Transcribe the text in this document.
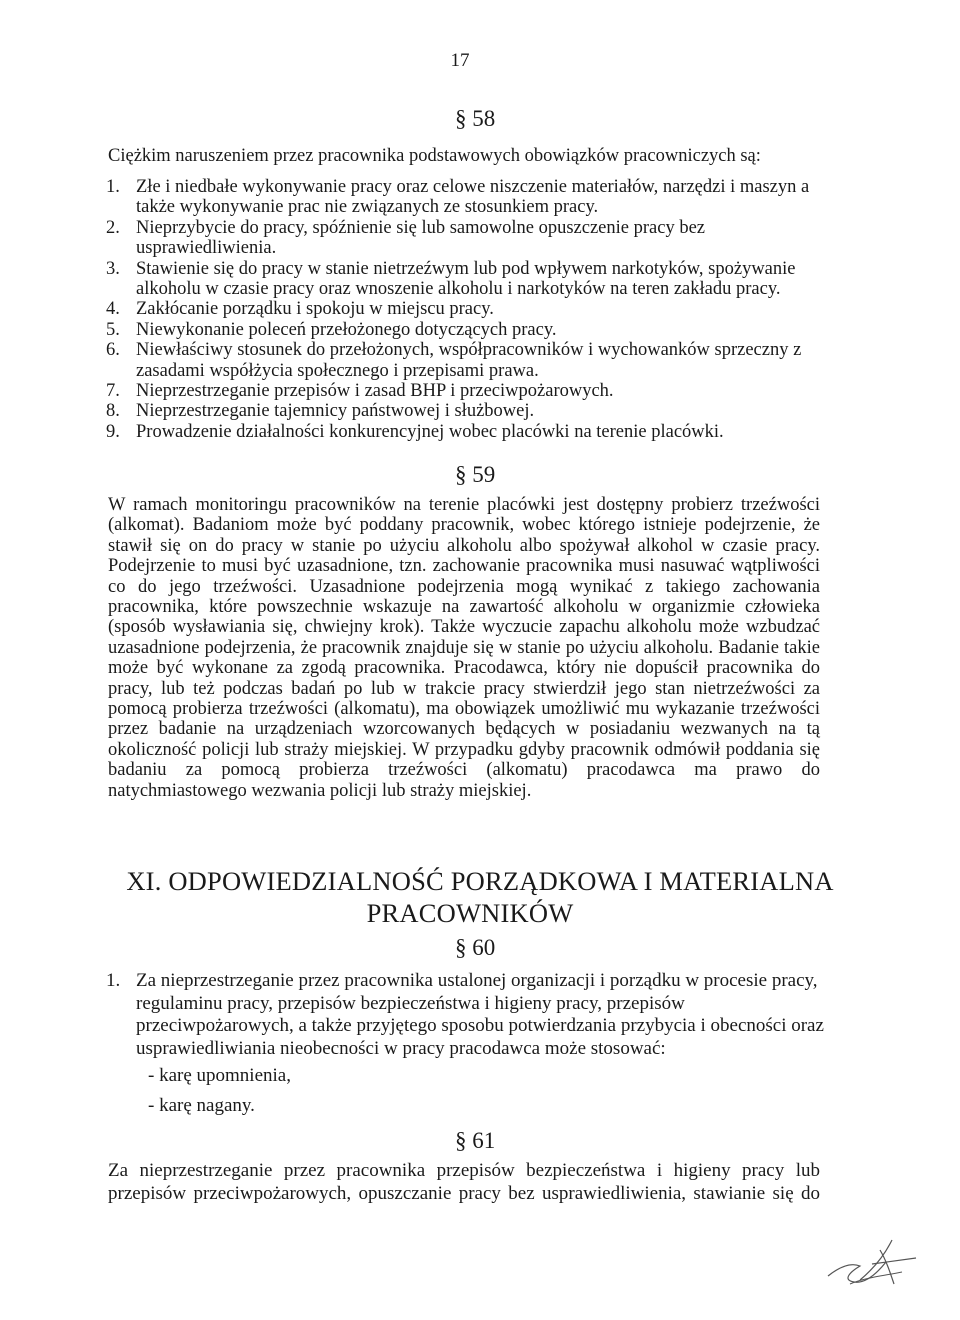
17
§ 58

Ciężkim naruszeniem przez pracownika podstawowych obowiązków pracowniczych są:

1. Złe i niedbałe wykonywanie pracy oraz celowe niszczenie materiałów, narzędzi i maszyn a także wykonywanie prac nie związanych ze stosunkiem pracy.
2. Nieprzybycie do pracy, spóźnienie się lub samowolne opuszczenie pracy bez usprawiedliwienia.
3. Stawienie się do pracy w stanie nietrzeźwym lub pod wpływem narkotyków, spożywanie alkoholu w czasie pracy oraz wnoszenie alkoholu i narkotyków na teren zakładu pracy.
4. Zakłócanie porządku i spokoju w miejscu pracy.
5. Niewykonanie poleceń przełożonego dotyczących pracy.
6. Niewłaściwy stosunek do przełożonych, współpracowników i wychowanków sprzeczny z zasadami współżycia społecznego i przepisami prawa.
7. Nieprzestrzeganie przepisów i zasad BHP i przeciwpożarowych.
8. Nieprzestrzeganie tajemnicy państwowej i służbowej.
9. Prowadzenie działalności konkurencyjnej wobec placówki na terenie placówki.
§ 59

W ramach monitoringu pracowników na terenie placówki jest dostępny probierz trzeźwości (alkomat). Badaniom może być poddany pracownik, wobec którego istnieje podejrzenie, że stawił się on do pracy w stanie po użyciu alkoholu albo spożywał alkohol w czasie pracy. Podejrzenie to musi być uzasadnione, tzn. zachowanie pracownika musi nasuwać wątpliwości co do jego trzeźwości. Uzasadnione podejrzenia mogą wynikać z takiego zachowania pracownika, które powszechnie wskazuje na zawartość alkoholu w organizmie człowieka (sposób wysławiania się, chwiejny krok). Także wyczucie zapachu alkoholu może wzbudzać uzasadnione podejrzenia, że pracownik znajduje się w stanie po użyciu alkoholu. Badanie takie może być wykonane za zgodą pracownika. Pracodawca, który nie dopuścił pracownika do pracy, lub też podczas badań po lub w trakcie pracy stwierdził jego stan nietrzeźwości za pomocą probierza trzeźwości (alkomatu), ma obowiązek umożliwić mu wykazanie trzeźwości przez badanie na urządzeniach wzorcowanych będących w posiadaniu wezwanych na tą okoliczność policji lub straży miejskiej. W przypadku gdyby pracownik odmówił poddania się badaniu za pomocą probierza trzeźwości (alkomatu) pracodawca ma prawo do natychmiastowego wezwania policji lub straży miejskiej.

XI. ODPOWIEDZIALNOŚĆ PORZĄDKOWA I MATERIALNA
PRACOWNIKÓW
§ 60
1. Za nieprzestrzeganie przez pracownika ustalonej organizacji i porządku w procesie pracy, regulaminu pracy, przepisów bezpieczeństwa i higieny pracy, przepisów przeciwpożarowych, a także przyjętego sposobu potwierdzania przybycia i obecności oraz usprawiedliwiania nieobecności w pracy pracodawca może stosować:
- karę upomnienia,
- karę nagany.
§ 61

Za nieprzestrzeganie przez pracownika przepisów bezpieczeństwa i higieny pracy lub przepisów przeciwpożarowych, opuszczanie pracy bez usprawiedliwienia, stawianie się do
